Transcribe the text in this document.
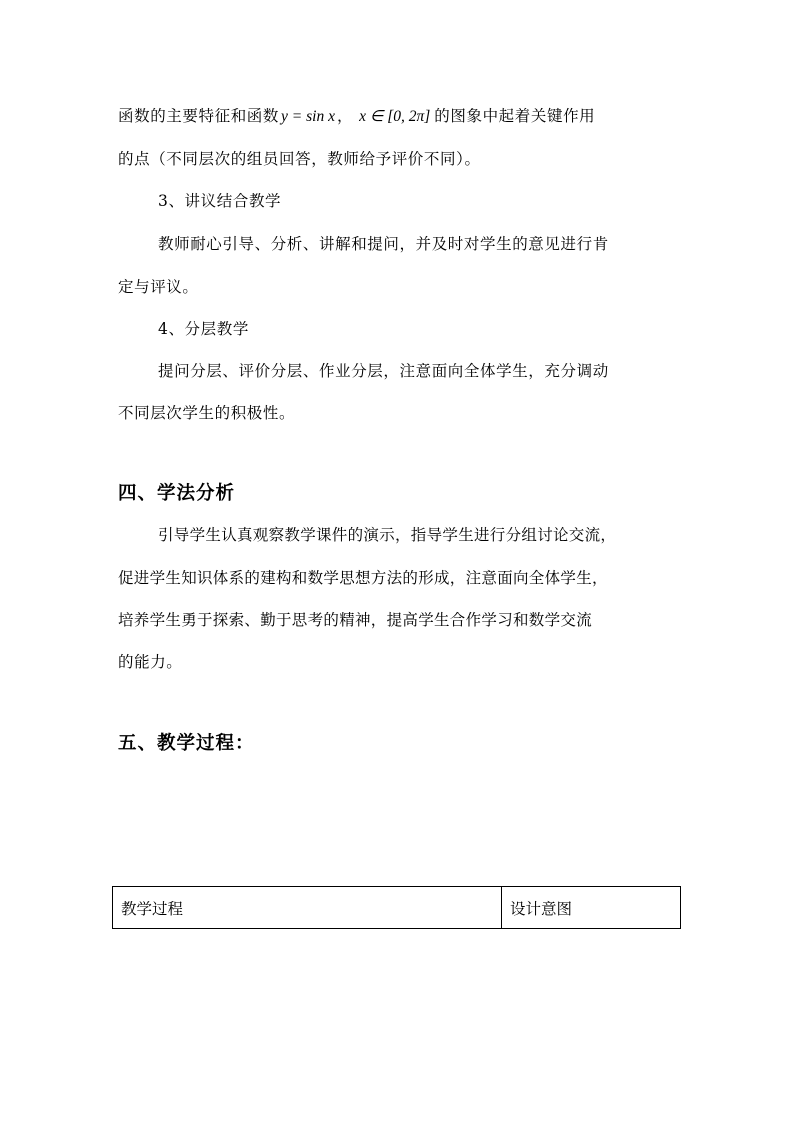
函数的主要特征和函数 y = sin x ， x ∈ [0, 2π] 的图象中起着关键作用
的点（不同层次的组员回答，教师给予评价不同）。
3、讲议结合教学
教师耐心引导、分析、讲解和提问，并及时对学生的意见进行肯
定与评议。
4、分层教学
提问分层、评价分层、作业分层，注意面向全体学生，充分调动
不同层次学生的积极性。
四、学法分析
引导学生认真观察教学课件的演示，指导学生进行分组讨论交流，
促进学生知识体系的建构和数学思想方法的形成，注意面向全体学生，
培养学生勇于探索、勤于思考的精神，提高学生合作学习和数学交流
的能力。
五、教学过程：
教学过程	设计意图
